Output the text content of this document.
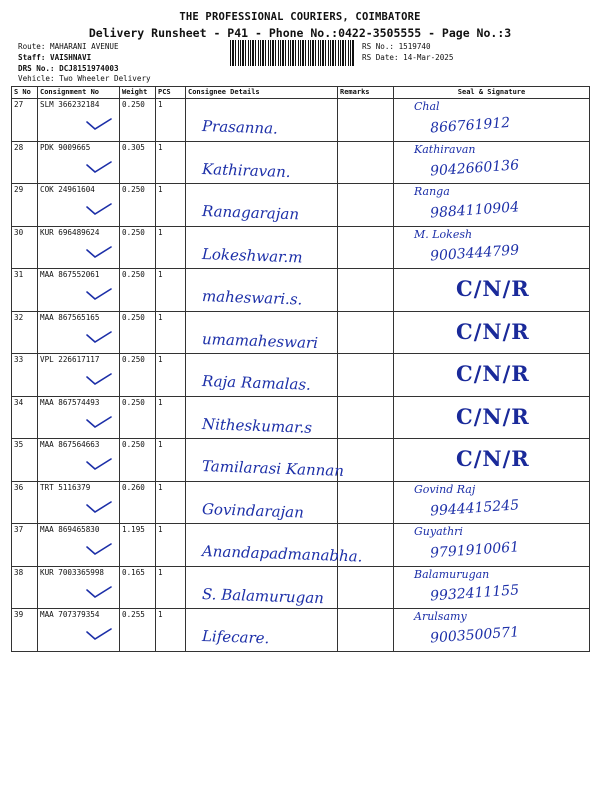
THE PROFESSIONAL COURIERS, COIMBATORE
Delivery Runsheet - P41 - Phone No.:0422-3505555 - Page No.:3
Route: MAHARANI AVENUE
Staff: VAISHNAVI
DRS No.: DCJ8151974003
Vehicle: Two Wheeler Delivery
RS No.: 1519740
RS Date: 14-Mar-2025
S No	Consignment No	Weight	PCS	Consignee Details	Remarks	Seal & Signature
27	SLM 366232184	0.250	1	Prasanna.		Chal
866761912

28	PDK 9009665	0.305	1	Kathiravan.		Kathiravan
9042660136

29	COK 24961604	0.250	1	Ranagarajan		Ranga
9884110904

30	KUR 696489624	0.250	1	Lokeshwar.m		M. Lokesh
9003444799

31	MAA 867552061	0.250	1	maheswari.s.		C/N/R

32	MAA 867565165	0.250	1	umamaheswari		C/N/R

33	VPL 226617117	0.250	1	Raja Ramalas.		C/N/R

34	MAA 867574493	0.250	1	Nitheskumar.s		C/N/R

35	MAA 867564663	0.250	1	Tamilarasi Kannan		C/N/R

36	TRT 5116379	0.260	1	Govindarajan		Govind Raj
9944415245

37	MAA 869465830	1.195	1	Anandapadmanabha.		Guyathri
9791910061

38	KUR 7003365998	0.165	1	S. Balamurugan		Balamurugan
9932411155

39	MAA 707379354	0.255	1	Lifecare.		Arulsamy
9003500571
